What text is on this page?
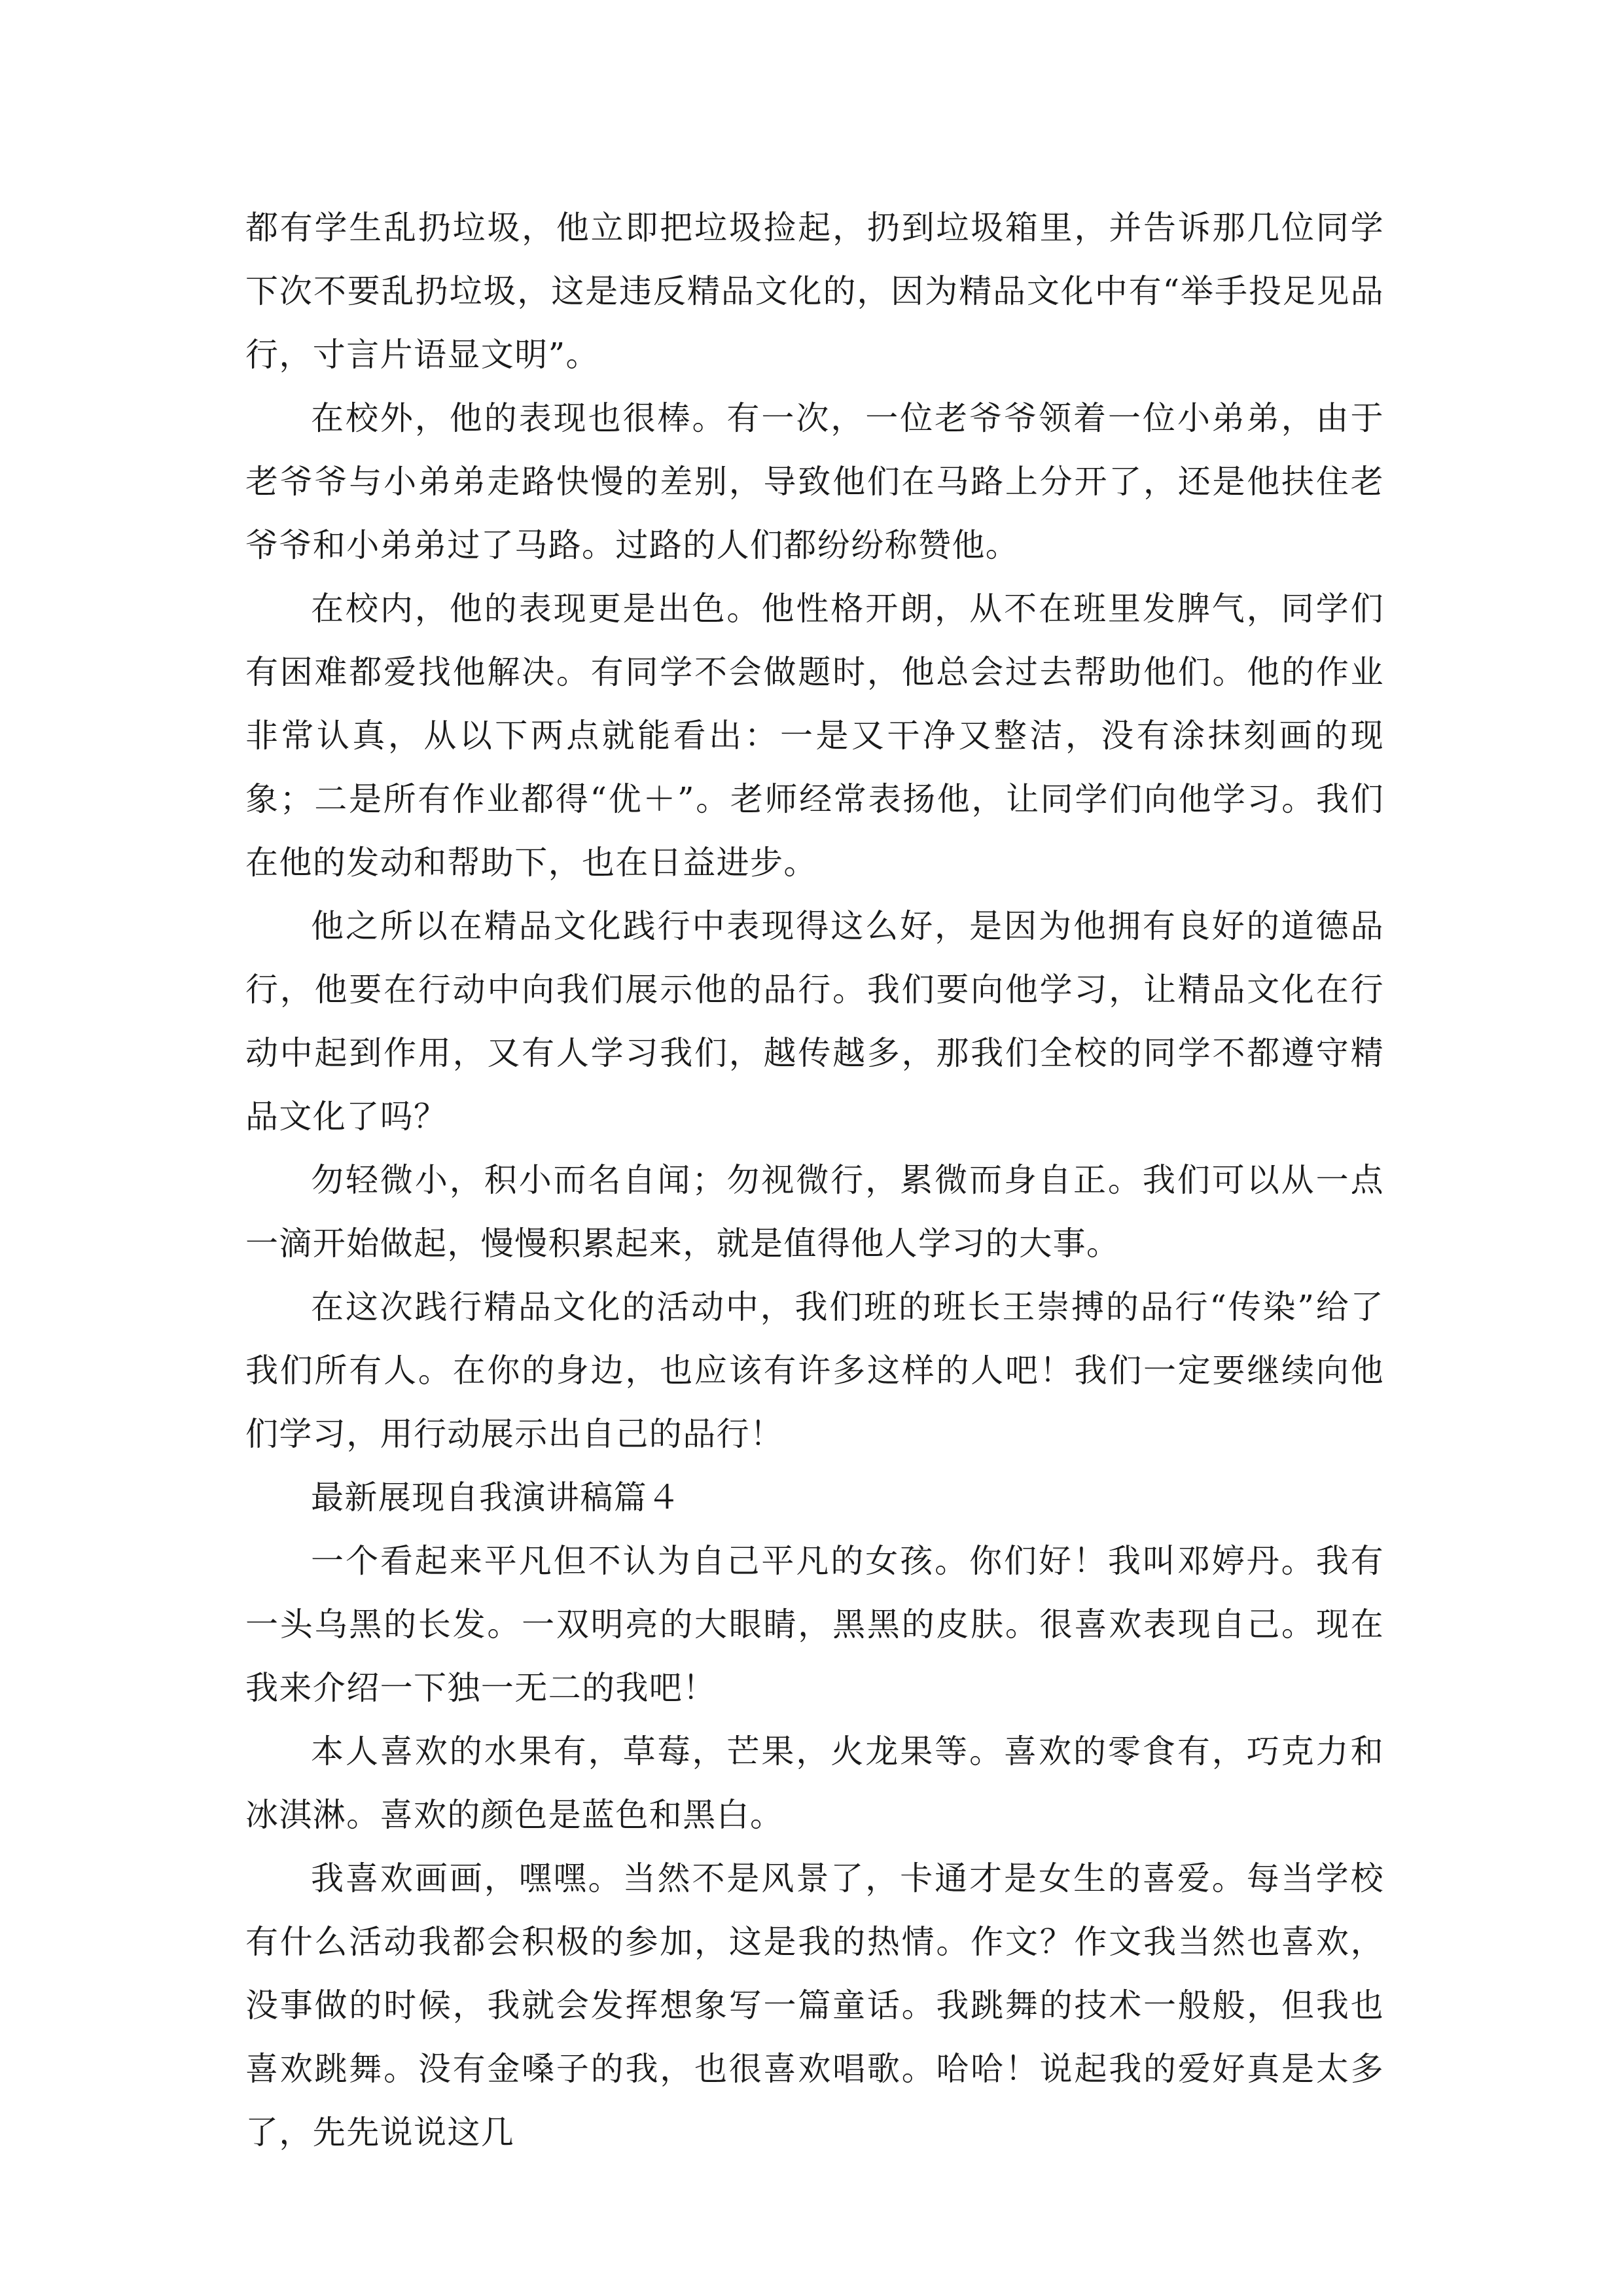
都有学生乱扔垃圾，他立即把垃圾捡起，扔到垃圾箱里，并告诉那几位同学下次不要乱扔垃圾，这是违反精品文化的，因为精品文化中有“举手投足见品行，寸言片语显文明”。

在校外，他的表现也很棒。有一次，一位老爷爷领着一位小弟弟，由于老爷爷与小弟弟走路快慢的差别，导致他们在马路上分开了，还是他扶住老爷爷和小弟弟过了马路。过路的人们都纷纷称赞他。

在校内，他的表现更是出色。他性格开朗，从不在班里发脾气，同学们有困难都爱找他解决。有同学不会做题时，他总会过去帮助他们。他的作业非常认真，从以下两点就能看出：一是又干净又整洁，没有涂抹刻画的现象；二是所有作业都得“优＋”。老师经常表扬他，让同学们向他学习。我们在他的发动和帮助下，也在日益进步。

他之所以在精品文化践行中表现得这么好，是因为他拥有良好的道德品行，他要在行动中向我们展示他的品行。我们要向他学习，让精品文化在行动中起到作用，又有人学习我们，越传越多，那我们全校的同学不都遵守精品文化了吗？

勿轻微小，积小而名自闻；勿视微行，累微而身自正。我们可以从一点一滴开始做起，慢慢积累起来，就是值得他人学习的大事。

在这次践行精品文化的活动中，我们班的班长王崇搏的品行“传染”给了我们所有人。在你的身边，也应该有许多这样的人吧！我们一定要继续向他们学习，用行动展示出自己的品行！

最新展现自我演讲稿篇４

一个看起来平凡但不认为自己平凡的女孩。你们好！我叫邓婷丹。我有一头乌黑的长发。一双明亮的大眼睛，黑黑的皮肤。很喜欢表现自己。现在我来介绍一下独一无二的我吧！

本人喜欢的水果有，草莓，芒果，火龙果等。喜欢的零食有，巧克力和冰淇淋。喜欢的颜色是蓝色和黑白。

我喜欢画画，嘿嘿。当然不是风景了，卡通才是女生的喜爱。每当学校有什么活动我都会积极的参加，这是我的热情。作文？作文我当然也喜欢，没事做的时候，我就会发挥想象写一篇童话。我跳舞的技术一般般，但我也喜欢跳舞。没有金嗓子的我，也很喜欢唱歌。哈哈！说起我的爱好真是太多了，先先说说这几
